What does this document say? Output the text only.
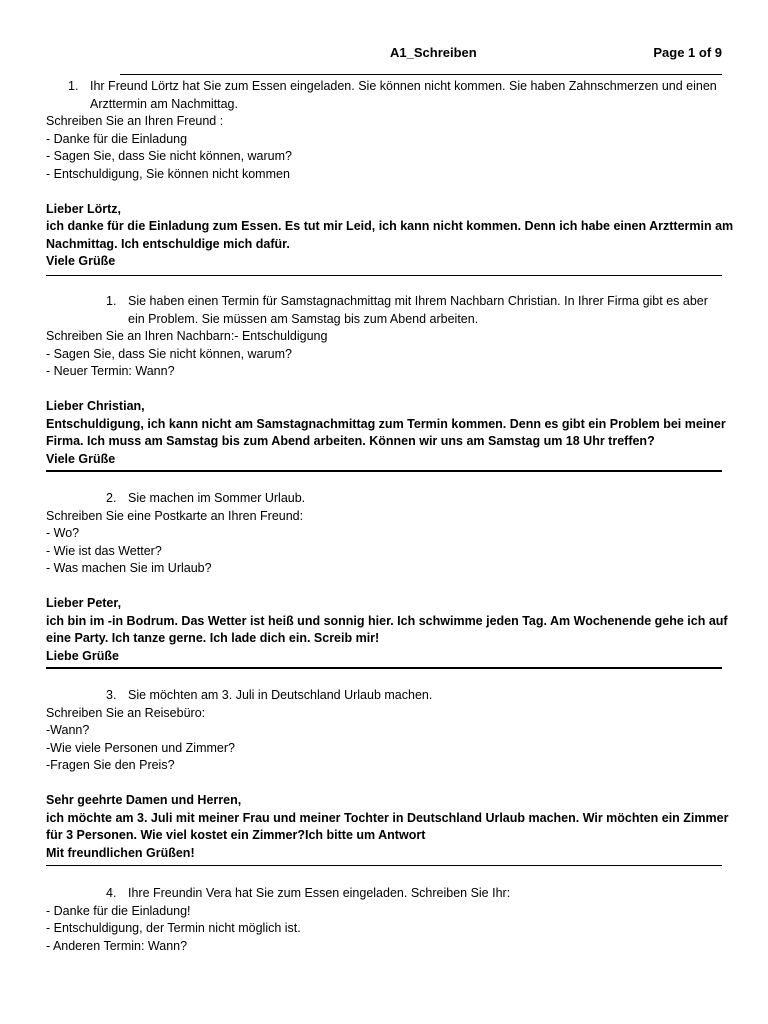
A1_Schreiben	Page 1 of 9
1. Ihr Freund Lörtz hat Sie zum Essen eingeladen. Sie können nicht kommen. Sie haben Zahnschmerzen und einen
Arzttermin am Nachmittag.
Schreiben Sie an Ihren Freund :
- Danke für die Einladung
- Sagen Sie, dass Sie nicht können, warum?
- Entschuldigung, Sie können nicht kommen
Lieber Lörtz,
ich danke für die Einladung zum Essen. Es tut mir Leid, ich kann nicht kommen. Denn ich habe einen Arzttermin am
Nachmittag. Ich entschuldige mich dafür.
Viele Grüße
1. Sie haben einen Termin für Samstagnachmittag mit Ihrem Nachbarn Christian. In Ihrer Firma gibt es aber
ein Problem. Sie müssen am Samstag bis zum Abend arbeiten.
Schreiben Sie an Ihren Nachbarn:- Entschuldigung
- Sagen Sie, dass Sie nicht können, warum?
- Neuer Termin: Wann?
Lieber Christian,
Entschuldigung, ich kann nicht am Samstagnachmittag zum Termin kommen. Denn es gibt ein Problem bei meiner
Firma. Ich muss am Samstag bis zum Abend arbeiten. Können wir uns am Samstag um 18 Uhr treffen?
Viele Grüße
2. Sie machen im Sommer Urlaub.
Schreiben Sie eine Postkarte an Ihren Freund:
- Wo?
- Wie ist das Wetter?
- Was machen Sie im Urlaub?
Lieber Peter,
ich bin im -in Bodrum. Das Wetter ist heiß und sonnig hier. Ich schwimme jeden Tag. Am Wochenende gehe ich auf
eine Party. Ich tanze gerne. Ich lade dich ein. Screib mir!
Liebe Grüße
3. Sie möchten am 3. Juli in Deutschland Urlaub machen.
Schreiben Sie an Reisebüro:
-Wann?
-Wie viele Personen und Zimmer?
-Fragen Sie den Preis?
Sehr geehrte Damen und Herren,
ich möchte am 3. Juli mit meiner Frau und meiner Tochter in Deutschland Urlaub machen. Wir möchten ein Zimmer
für 3 Personen. Wie viel kostet ein Zimmer?Ich bitte um Antwort
Mit freundlichen Grüßen!
4. Ihre Freundin Vera hat Sie zum Essen eingeladen. Schreiben Sie Ihr:
- Danke für die Einladung!
- Entschuldigung, der Termin nicht möglich ist.
- Anderen Termin: Wann?
